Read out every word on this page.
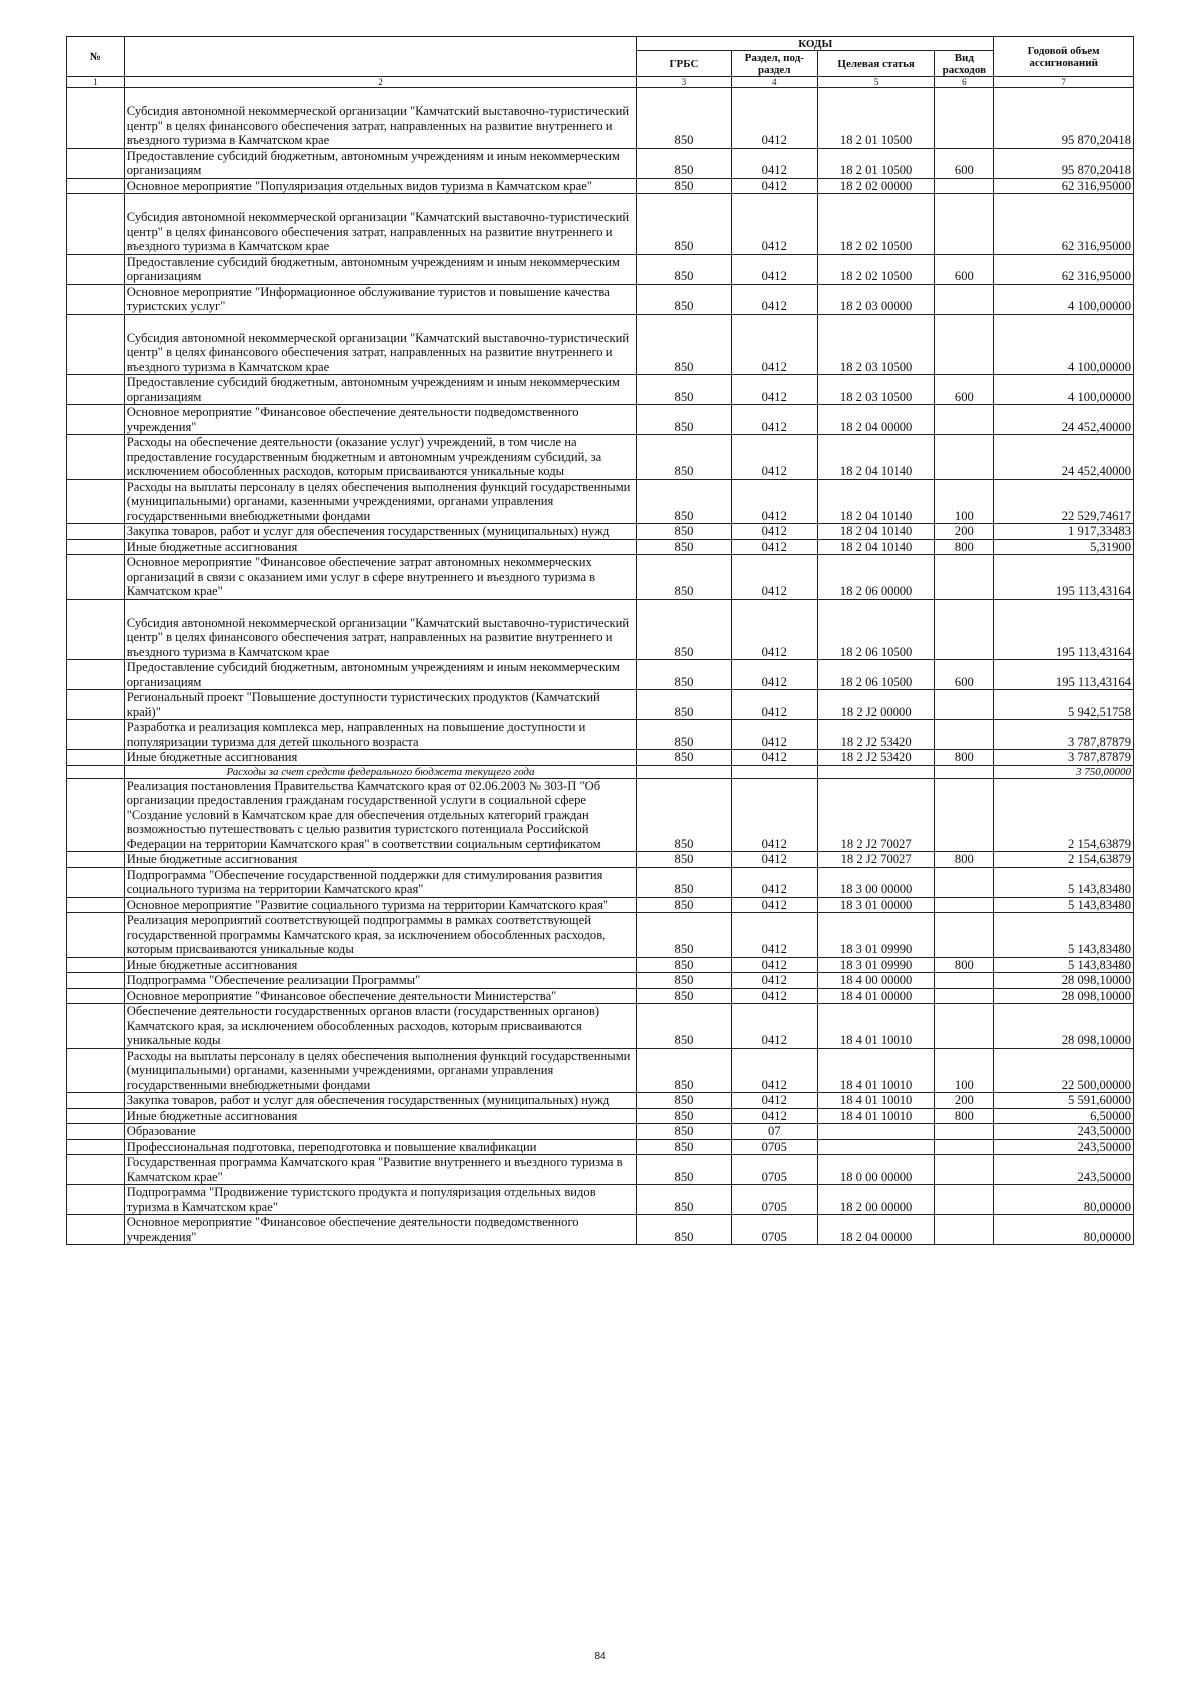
№		КОДЫ				Годовой объем ассигнований
		ГРБС	Раздел, под-раздел	Целевая статья	Вид расходов	
1	2	3	4	5	6	7
	Субсидия автономной некоммерческой организации "Камчатский выставочно-туристический центр" в целях финансового обеспечения затрат, направленных на развитие внутреннего и въездного туризма в Камчатском крае	850	0412	18 2 01 10500		95 870,20418
	Предоставление субсидий бюджетным, автономным учреждениям и иным некоммерческим организациям	850	0412	18 2 01 10500	600	95 870,20418
	Основное мероприятие "Популяризация отдельных видов туризма в Камчатском крае"	850	0412	18 2 02 00000		62 316,95000
	Субсидия автономной некоммерческой организации "Камчатский выставочно-туристический центр" в целях финансового обеспечения затрат, направленных на развитие внутреннего и въездного туризма в Камчатском крае	850	0412	18 2 02 10500		62 316,95000
	Предоставление субсидий бюджетным, автономным учреждениям и иным некоммерческим организациям	850	0412	18 2 02 10500	600	62 316,95000
	Основное мероприятие "Информационное обслуживание туристов и повышение качества туристских услуг"	850	0412	18 2 03 00000		4 100,00000
	Субсидия автономной некоммерческой организации "Камчатский выставочно-туристический центр" в целях финансового обеспечения затрат, направленных на развитие внутреннего и въездного туризма в Камчатском крае	850	0412	18 2 03 10500		4 100,00000
	Предоставление субсидий бюджетным, автономным учреждениям и иным некоммерческим организациям	850	0412	18 2 03 10500	600	4 100,00000
	Основное мероприятие "Финансовое обеспечение деятельности подведомственного учреждения"	850	0412	18 2 04 00000		24 452,40000
	Расходы на обеспечение деятельности (оказание услуг) учреждений, в том числе на предоставление государственным бюджетным и автономным учреждениям субсидий, за исключением обособленных расходов, которым присваиваются уникальные коды	850	0412	18 2 04 10140		24 452,40000
	Расходы на выплаты персоналу в целях обеспечения выполнения функций государственными (муниципальными) органами, казенными учреждениями, органами управления государственными внебюджетными фондами	850	0412	18 2 04 10140	100	22 529,74617
	Закупка товаров, работ и услуг для обеспечения государственных (муниципальных) нужд	850	0412	18 2 04 10140	200	1 917,33483
	Иные бюджетные ассигнования	850	0412	18 2 04 10140	800	5,31900
	Основное мероприятие "Финансовое обеспечение затрат автономных некоммерческих организаций в связи с оказанием ими услуг в сфере внутреннего и въездного туризма в Камчатском крае"	850	0412	18 2 06 00000		195 113,43164
	Субсидия автономной некоммерческой организации "Камчатский выставочно-туристический центр" в целях финансового обеспечения затрат, направленных на развитие внутреннего и въездного туризма в Камчатском крае	850	0412	18 2 06 10500		195 113,43164
	Предоставление субсидий бюджетным, автономным учреждениям и иным некоммерческим организациям	850	0412	18 2 06 10500	600	195 113,43164
	Региональный проект "Повышение доступности туристических продуктов (Камчатский край)"	850	0412	18 2 J2 00000		5 942,51758
	Разработка и реализация комплекса мер, направленных на повышение доступности и популяризации туризма для детей школьного возраста	850	0412	18 2 J2 53420		3 787,87879
	Иные бюджетные ассигнования	850	0412	18 2 J2 53420	800	3 787,87879
	Расходы за счет средств федерального бюджета текущего года					3 750,00000
	Реализация постановления Правительства Камчатского края от 02.06.2003 № 303-П "Об организации предоставления гражданам государственной услуги в социальной сфере "Создание условий в Камчатском крае для обеспечения отдельных категорий граждан возможностью путешествовать с целью развития туристского потенциала Российской Федерации на территории Камчатского края" в соответствии социальным сертификатом	850	0412	18 2 J2 70027		2 154,63879
	Иные бюджетные ассигнования	850	0412	18 2 J2 70027	800	2 154,63879
	Подпрограмма "Обеспечение государственной поддержки для стимулирования развития социального туризма на территории Камчатского края"	850	0412	18 3 00 00000		5 143,83480
	Основное мероприятие "Развитие социального туризма на территории Камчатского края"	850	0412	18 3 01 00000		5 143,83480
	Реализация мероприятий соответствующей подпрограммы в рамках соответствующей государственной программы Камчатского края, за исключением обособленных расходов, которым присваиваются уникальные коды	850	0412	18 3 01 09990		5 143,83480
	Иные бюджетные ассигнования	850	0412	18 3 01 09990	800	5 143,83480
	Подпрограмма "Обеспечение реализации Программы"	850	0412	18 4 00 00000		28 098,10000
	Основное мероприятие "Финансовое обеспечение деятельности Министерства"	850	0412	18 4 01 00000		28 098,10000
	Обеспечение деятельности государственных органов власти (государственных органов) Камчатского края, за исключением обособленных расходов, которым присваиваются уникальные коды	850	0412	18 4 01 10010		28 098,10000
	Расходы на выплаты персоналу в целях обеспечения выполнения функций государственными (муниципальными) органами, казенными учреждениями, органами управления государственными внебюджетными фондами	850	0412	18 4 01 10010	100	22 500,00000
	Закупка товаров, работ и услуг для обеспечения государственных (муниципальных) нужд	850	0412	18 4 01 10010	200	5 591,60000
	Иные бюджетные ассигнования	850	0412	18 4 01 10010	800	6,50000
	Образование	850	07			243,50000
	Профессиональная подготовка, переподготовка и повышение квалификации	850	0705			243,50000
	Государственная программа Камчатского края "Развитие внутреннего и въездного туризма в Камчатском крае"	850	0705	18 0 00 00000		243,50000
	Подпрограмма "Продвижение туристского продукта и популяризация отдельных видов туризма в Камчатском крае"	850	0705	18 2 00 00000		80,00000
	Основное мероприятие "Финансовое обеспечение деятельности подведомственного учреждения"	850	0705	18 2 04 00000		80,00000
84
